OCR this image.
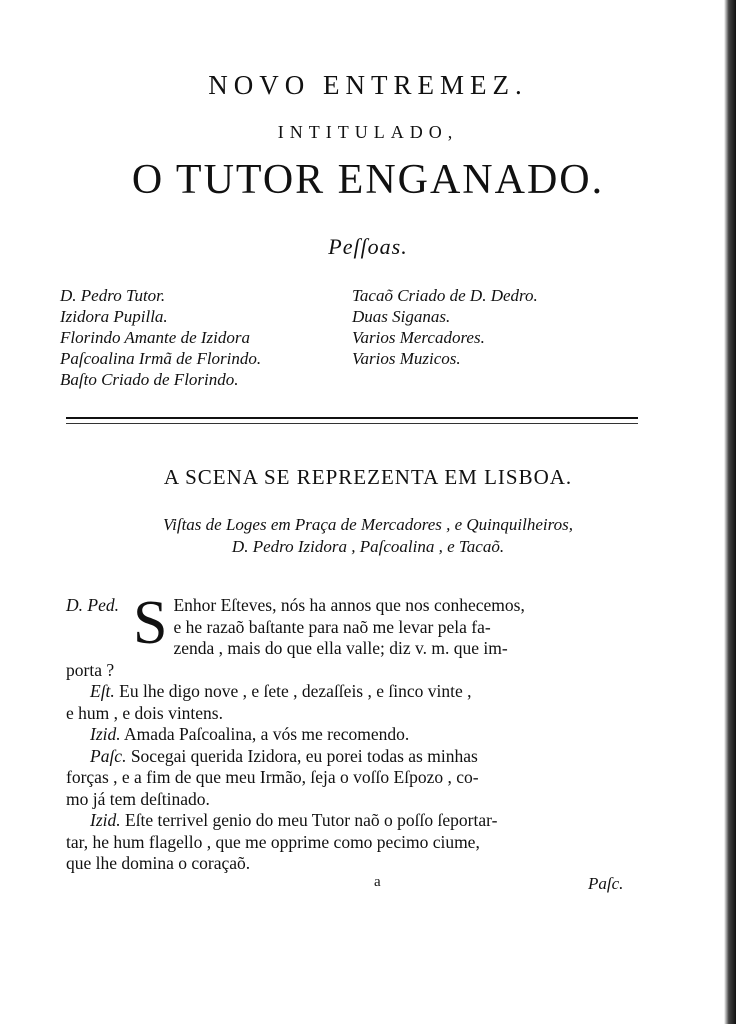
NOVO ENTREMEZ.
INTITULADO,
O TUTOR ENGANADO.
Peſſoas.
D. Pedro Tutor.
Izidora Pupilla.
Florindo Amante de Izidora
Paſcoalina Irmã de Florindo.
Baſto Criado de Florindo.
Tacaõ Criado de D. Dedro.
Duas Siganas.
Varios Mercadores.
Varios Muzicos.
A SCENA SE REPREZENTA EM LISBOA.
Viſtas de Loges em Praça de Mercadores , e Quinquilheiros,
D. Pedro Izidora , Paſcoalina , e Tacaõ.
D. Ped. S Enhor Eſteves, nós ha annos que nos conhecemos,
e he razaõ baſtante para naõ me levar pela fa-
zenda , mais do que ella valle; diz v. m. que im-
porta ?
Eſt. Eu lhe digo nove , e ſete , dezaſſeis , e ſinco vinte ,
e hum , e dois vintens.
Izid. Amada Paſcoalina, a vós me recomendo.
Paſc. Socegai querida Izidora, eu porei todas as minhas
forças , e a fim de que meu Irmão, ſeja o voſſo Eſpozo , co-
mo já tem deſtinado.
Izid. Eſte terrivel genio do meu Tutor naõ o poſſo ſeportar-
tar, he hum flagello , que me opprime como pecimo ciume,
que lhe domina o coraçaõ.
a	Paſc.
